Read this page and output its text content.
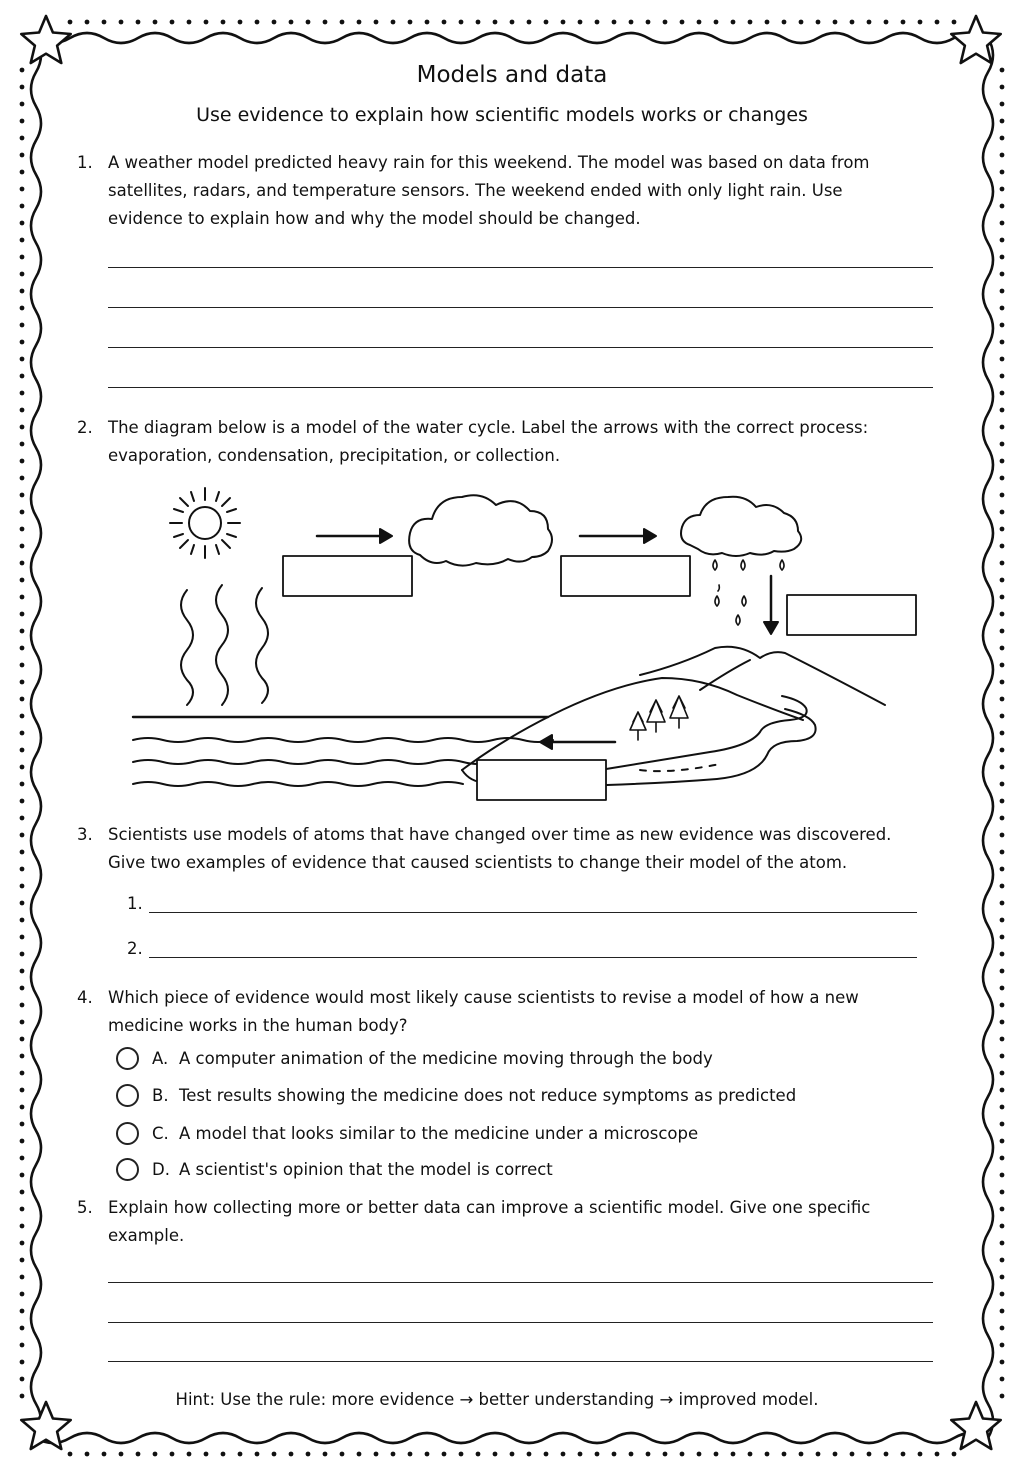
Models and data
Use evidence to explain how scientific models works or changes
1. A weather model predicted heavy rain for this weekend. The model was based on data from
satellites, radars, and temperature sensors. The weekend ended with only light rain. Use
evidence to explain how and why the model should be changed.
2. The diagram below is a model of the water cycle. Label the arrows with the correct process:
evaporation, condensation, precipitation, or collection.
3. Scientists use models of atoms that have changed over time as new evidence was discovered.
Give two examples of evidence that caused scientists to change their model of the atom.
1.
2.
4. Which piece of evidence would most likely cause scientists to revise a model of how a new
medicine works in the human body?
A. A computer animation of the medicine moving through the body
B. Test results showing the medicine does not reduce symptoms as predicted
C. A model that looks similar to the medicine under a microscope
D. A scientist's opinion that the model is correct
5. Explain how collecting more or better data can improve a scientific model. Give one specific
example.
Hint: Use the rule: more evidence → better understanding → improved model.
